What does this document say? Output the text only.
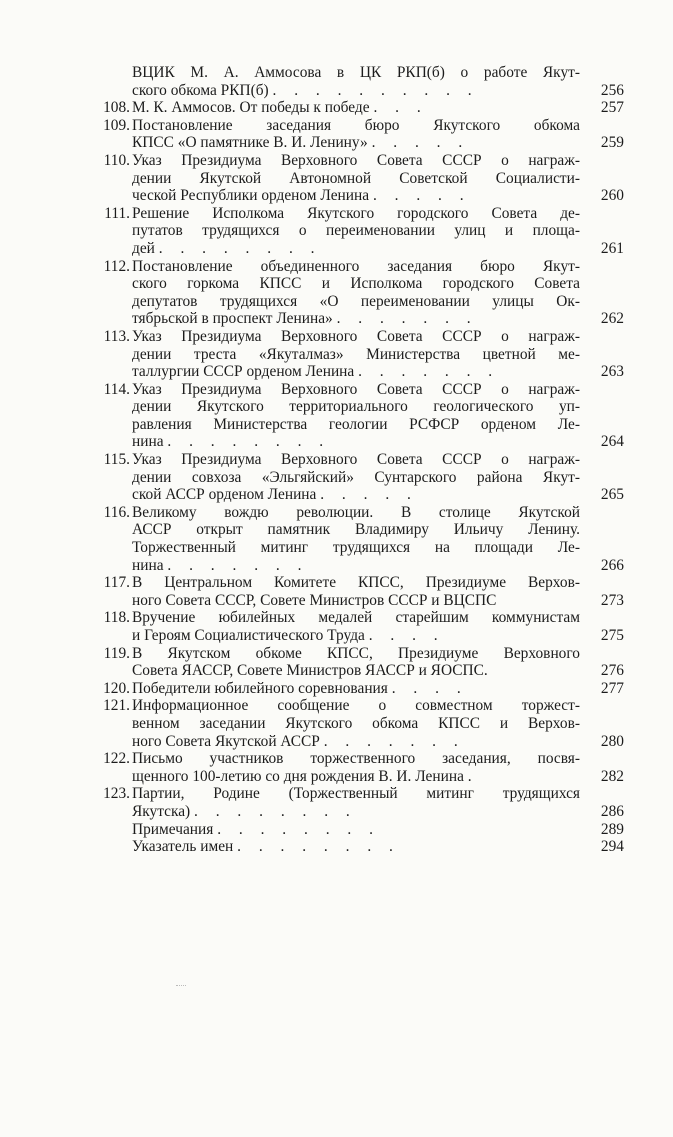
ВЦИК М. А. Аммосова в ЦК РКП(б) о работе Якут-
ского обкома РКП(б) . . . . . . . . . .	256
108. М. К. Аммосов. От победы к победе . . .	257
109. Постановление заседания бюро Якутского обкома
КПСС «О памятнике В. И. Ленину» . . . . .	259
110. Указ Президиума Верховного Совета СССР о награж-
дении Якутской Автономной Советской Социалисти-
ческой Республики орденом Ленина . . . . .	260
111. Решение Исполкома Якутского городского Совета де-
путатов трудящихся о переименовании улиц и площа-
дей . . . . . . . .	261
112. Постановление объединенного заседания бюро Якут-
ского горкома КПСС и Исполкома городского Совета
депутатов трудящихся «О переименовании улицы Ок-
тябрьской в проспект Ленина» . . . . . . .	262
113. Указ Президиума Верховного Совета СССР о награж-
дении треста «Якуталмаз» Министерства цветной ме-
таллургии СССР орденом Ленина . . . . . . .	263
114. Указ Президиума Верховного Совета СССР о награж-
дении Якутского территориального геологического уп-
равления Министерства геологии РСФСР орденом Ле-
нина . . . . . . . .	264
115. Указ Президиума Верховного Совета СССР о награж-
дении совхоза «Эльгяйский» Сунтарского района Якут-
ской АССР орденом Ленина . . . . .	265
116. Великому вождю революции. В столице Якутской
АССР открыт памятник Владимиру Ильичу Ленину.
Торжественный митинг трудящихся на площади Ле-
нина . . . . . . .	266
117. В Центральном Комитете КПСС, Президиуме Верхов-
ного Совета СССР, Совете Министров СССР и ВЦСПС	273
118. Вручение юбилейных медалей старейшим коммунистам
и Героям Социалистического Труда . . . .	275
119. В Якутском обкоме КПСС, Президиуме Верховного
Совета ЯАССР, Совете Министров ЯАССР и ЯОСПС.	276
120. Победители юбилейного соревнования . . . .	277
121. Информационное сообщение о совместном торжест-
венном заседании Якутского обкома КПСС и Верхов-
ного Совета Якутской АССР . . . . . . .	280
122. Письмо участников торжественного заседания, посвя-
щенного 100-летию со дня рождения В. И. Ленина .	282
123. Партии, Родине (Торжественный митинг трудящихся
Якутска) . . . . . . . .	286
Примечания . . . . . . . .	289
Указатель имен . . . . . . . .	294
